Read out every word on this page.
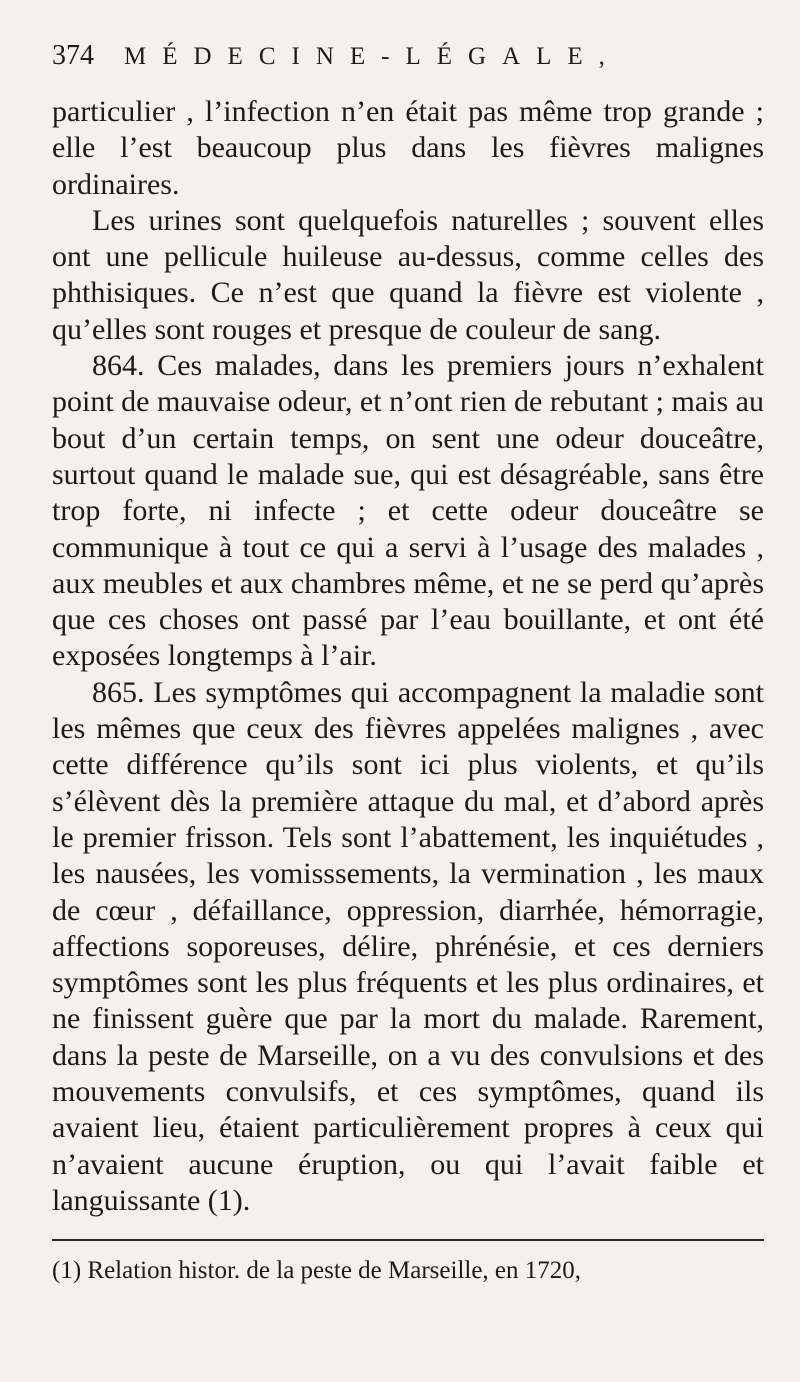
374	MÉDECINE-LÉGALE,

particulier , l’infection n’en était pas même trop grande ; elle l’est beaucoup plus dans les fièvres malignes ordinaires.

Les urines sont quelquefois naturelles ; souvent elles ont une pellicule huileuse au-dessus, comme celles des phthisiques. Ce n’est que quand la fièvre est violente , qu’elles sont rouges et presque de couleur de sang.

864. Ces malades, dans les premiers jours n’exhalent point de mauvaise odeur, et n’ont rien de rebutant ; mais au bout d’un certain temps, on sent une odeur douceâtre, surtout quand le malade sue, qui est désagréable, sans être trop forte, ni infecte ; et cette odeur douceâtre se communique à tout ce qui a servi à l’usage des malades , aux meubles et aux chambres même, et ne se perd qu’après que ces choses ont passé par l’eau bouillante, et ont été exposées longtemps à l’air.

865. Les symptômes qui accompagnent la maladie sont les mêmes que ceux des fièvres appelées malignes , avec cette différence qu’ils sont ici plus violents, et qu’ils s’élèvent dès la première attaque du mal, et d’abord après le premier frisson. Tels sont l’abattement, les inquiétudes , les nausées, les vomisssements, la vermination , les maux de cœur , défaillance, oppression, diarrhée, hémorragie, affections soporeuses, délire, phrénésie, et ces derniers symptômes sont les plus fréquents et les plus ordinaires, et ne finissent guère que par la mort du malade. Rarement, dans la peste de Marseille, on a vu des convulsions et des mouvements convulsifs, et ces symptômes, quand ils avaient lieu, étaient particulièrement propres à ceux qui n’avaient aucune éruption, ou qui l’avait faible et languissante (1).

(1) Relation histor. de la peste de Marseille, en 1720,
